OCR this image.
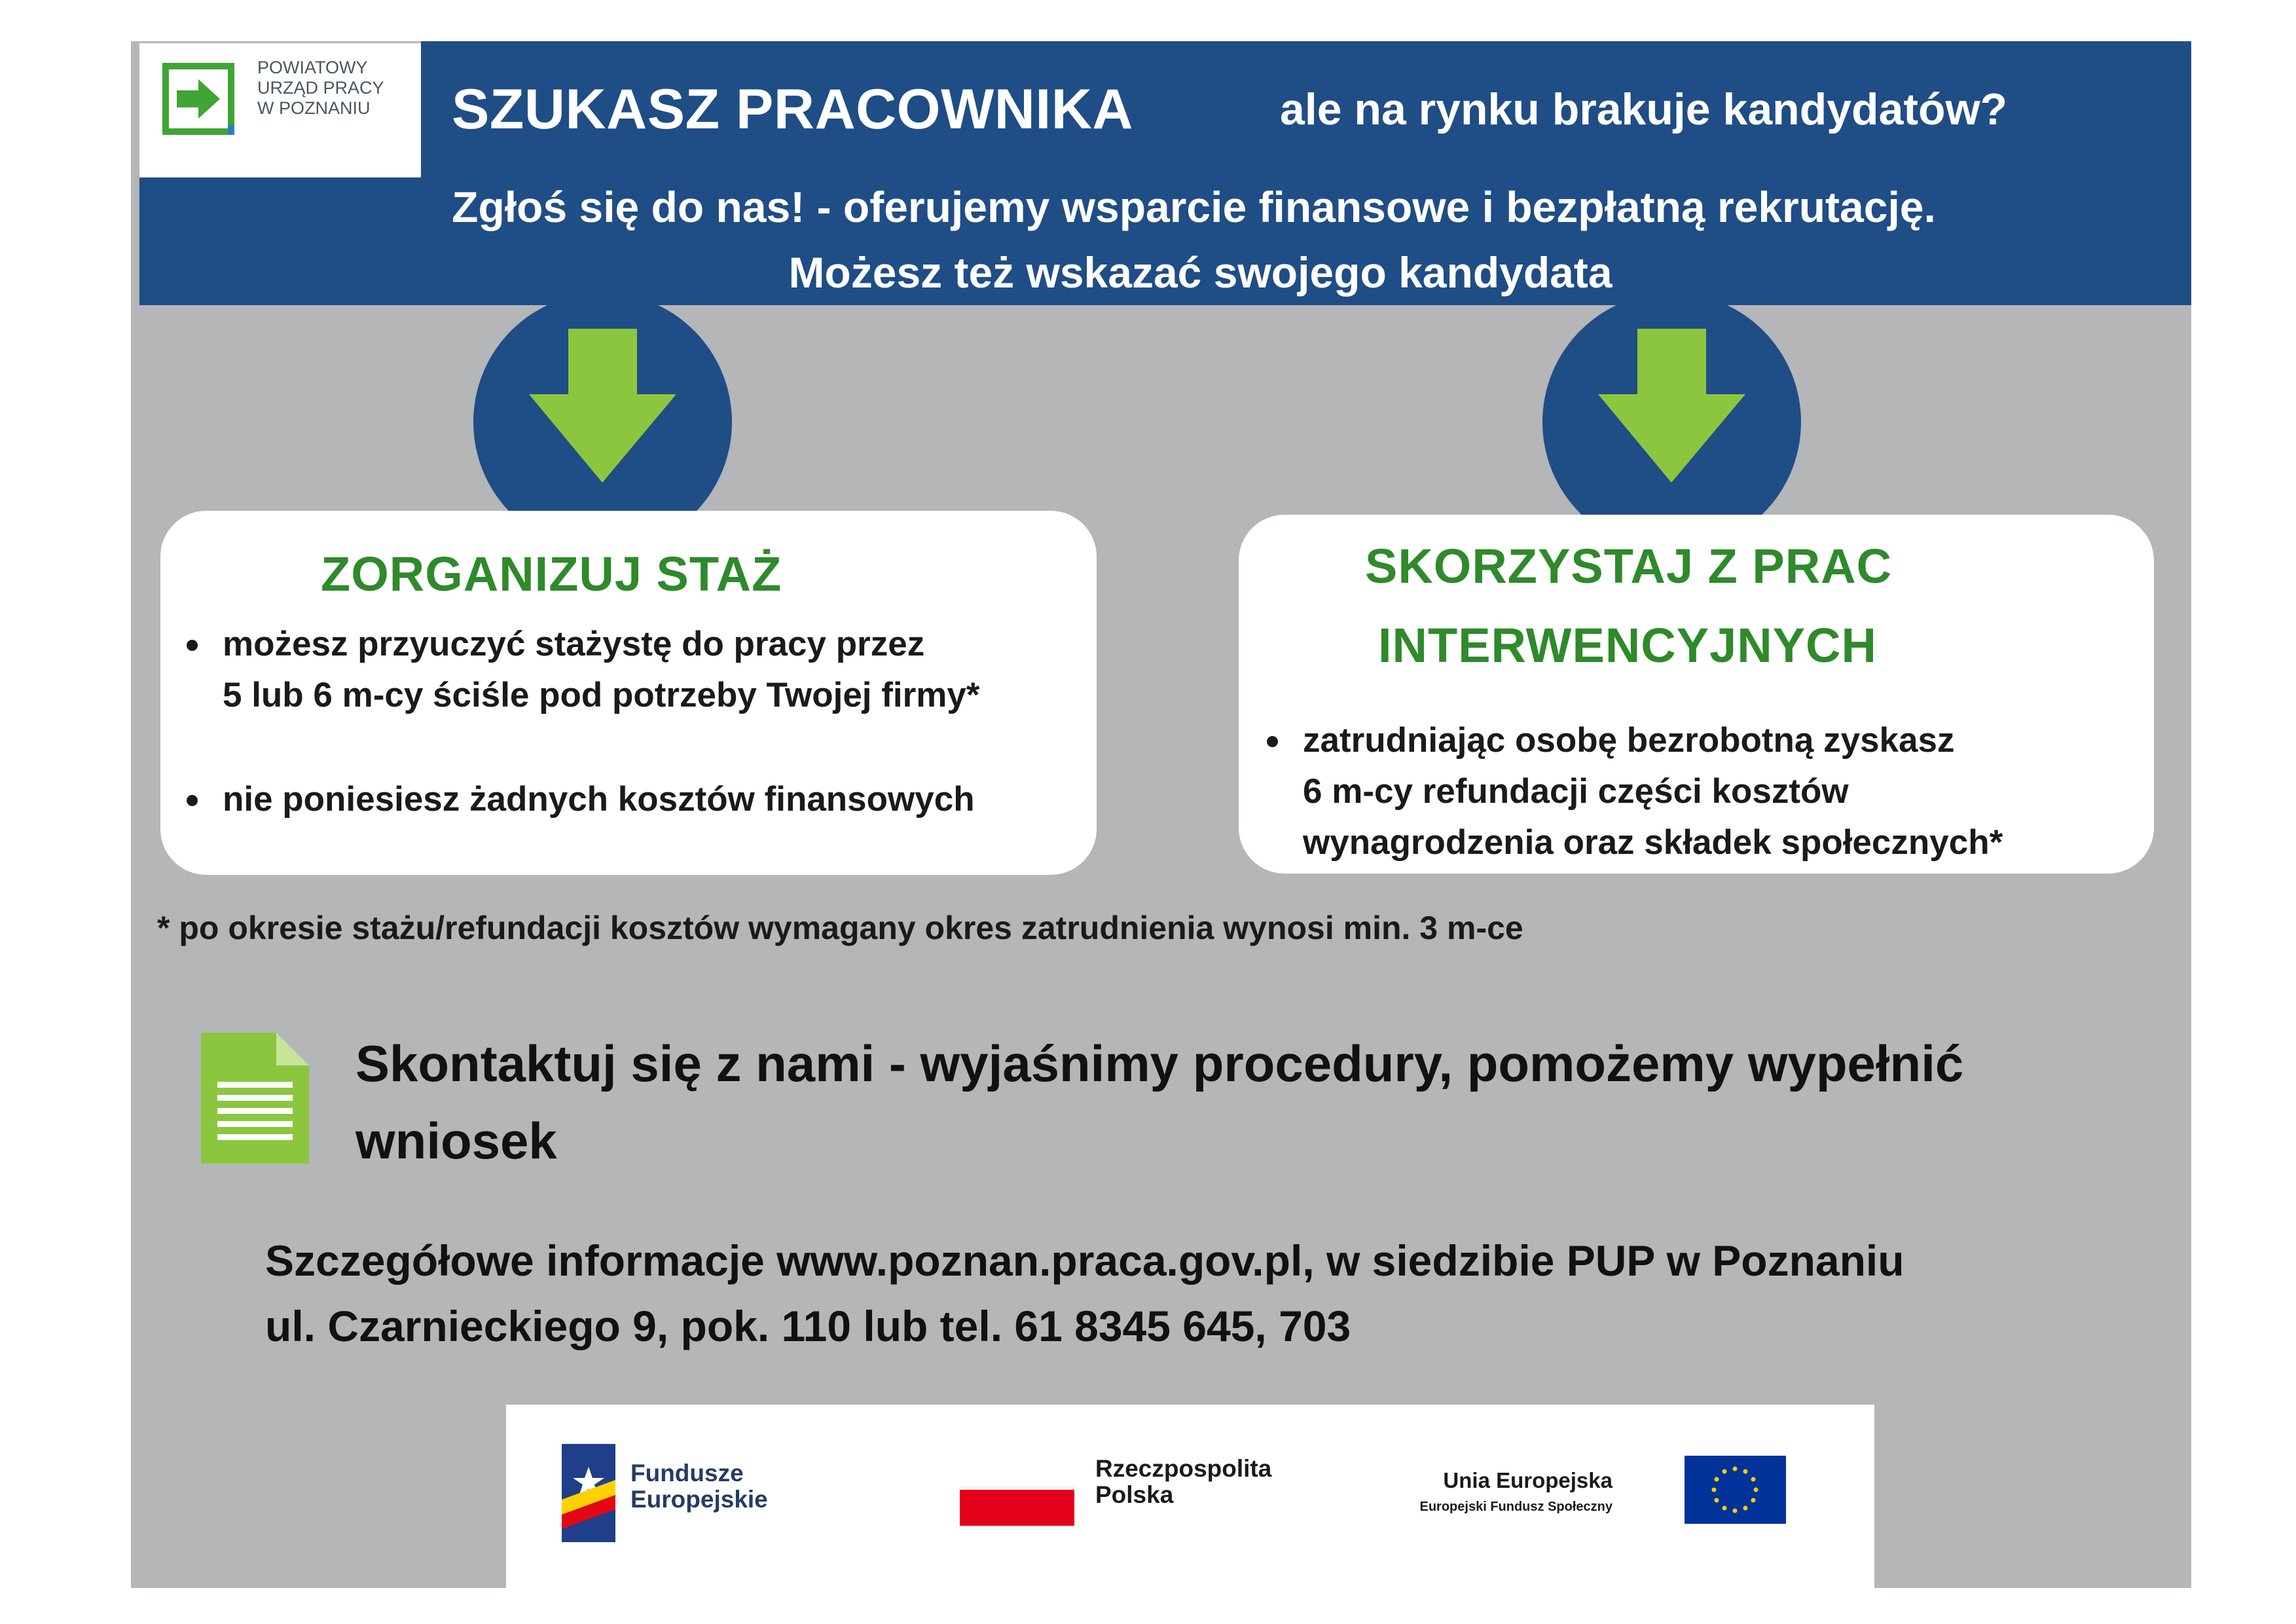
POWIATOWY
URZĄD PRACY
W POZNANIU SZUKASZ PRACOWNIKA	ale na rynku brakuje kandydatów?
Zgłoś się do nas! - oferujemy wsparcie finansowe i bezpłatną rekrutację.
Możesz też wskazać swojego kandydata
ZORGANIZUJ STAŻ
możesz przyuczyć stażystę do pracy przez
5 lub 6 m-cy ściśle pod potrzeby Twojej firmy*
nie poniesiesz żadnych kosztów finansowych
SKORZYSTAJ Z PRAC
INTERWENCYJNYCH
zatrudniając osobę bezrobotną zyskasz
6 m-cy refundacji części kosztów
wynagrodzenia oraz składek społecznych*
* po okresie stażu/refundacji kosztów wymagany okres zatrudnienia wynosi min. 3 m-ce
Skontaktuj się z nami - wyjaśnimy procedury, pomożemy wypełnić
wniosek
Szczegółowe informacje www.poznan.praca.gov.pl, w siedzibie PUP w Poznaniu
ul. Czarnieckiego 9, pok. 110 lub tel. 61 8345 645, 703
Fundusze
Europejskie
Rzeczpospolita
Polska
Unia Europejska
Europejski Fundusz Społeczny
